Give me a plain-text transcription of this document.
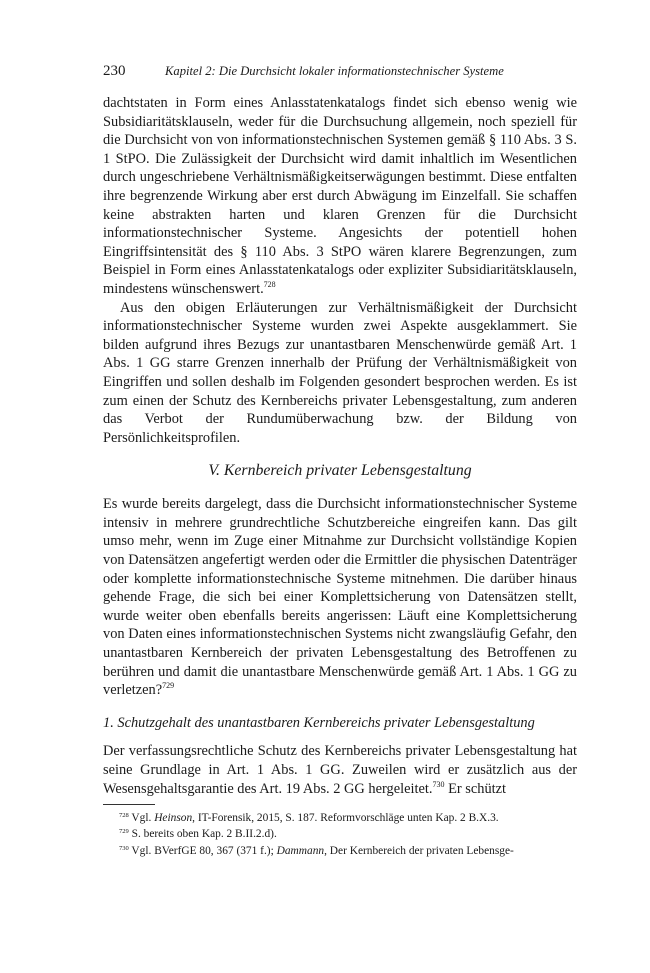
230	Kapitel 2: Die Durchsicht lokaler informationstechnischer Systeme

dachtstaten in Form eines Anlasstatenkatalogs findet sich ebenso wenig wie Subsidiaritätsklauseln, weder für die Durchsuchung allgemein, noch speziell für die Durchsicht von von informationstechnischen Systemen gemäß § 110 Abs. 3 S. 1 StPO. Die Zulässigkeit der Durchsicht wird damit inhaltlich im Wesentlichen durch ungeschriebene Verhältnismäßigkeitserwägungen bestimmt. Diese entfalten ihre begrenzende Wirkung aber erst durch Abwägung im Einzelfall. Sie schaffen keine abstrakten harten und klaren Grenzen für die Durchsicht informationstechnischer Systeme. Angesichts der potentiell hohen Eingriffsintensität des § 110 Abs. 3 StPO wären klarere Begrenzungen, zum Beispiel in Form eines Anlasstatenkatalogs oder expliziter Subsidiaritätsklauseln, mindestens wünschenswert.$^{728}$

Aus den obigen Erläuterungen zur Verhältnismäßigkeit der Durchsicht informationstechnischer Systeme wurden zwei Aspekte ausgeklammert. Sie bilden aufgrund ihres Bezugs zur unantastbaren Menschenwürde gemäß Art. 1 Abs. 1 GG starre Grenzen innerhalb der Prüfung der Verhältnismäßigkeit von Eingriffen und sollen deshalb im Folgenden gesondert besprochen werden. Es ist zum einen der Schutz des Kernbereichs privater Lebensgestaltung, zum anderen das Verbot der Rundumüberwachung bzw. der Bildung von Persönlichkeitsprofilen.

V. Kernbereich privater Lebensgestaltung

Es wurde bereits dargelegt, dass die Durchsicht informationstechnischer Systeme intensiv in mehrere grundrechtliche Schutzbereiche eingreifen kann. Das gilt umso mehr, wenn im Zuge einer Mitnahme zur Durchsicht vollständige Kopien von Datensätzen angefertigt werden oder die Ermittler die physischen Datenträger oder komplette informationstechnische Systeme mitnehmen. Die darüber hinaus gehende Frage, die sich bei einer Komplettsicherung von Datensätzen stellt, wurde weiter oben ebenfalls bereits angerissen: Läuft eine Komplettsicherung von Daten eines informationstechnischen Systems nicht zwangsläufig Gefahr, den unantastbaren Kernbereich der privaten Lebensgestaltung des Betroffenen zu berühren und damit die unantastbare Menschenwürde gemäß Art. 1 Abs. 1 GG zu verletzen?$^{729}$

1. Schutzgehalt des unantastbaren Kernbereichs privater Lebensgestaltung

Der verfassungsrechtliche Schutz des Kernbereichs privater Lebensgestaltung hat seine Grundlage in Art. 1 Abs. 1 GG. Zuweilen wird er zusätzlich aus der Wesensgehaltsgarantie des Art. 19 Abs. 2 GG hergeleitet.$^{730}$ Er schützt

$^{728}$ Vgl. Heinson, IT-Forensik, 2015, S. 187. Reformvorschläge unten Kap. 2 B.X.3.
$^{729}$ S. bereits oben Kap. 2 B.II.2.d).
$^{730}$ Vgl. BVerfGE 80, 367 (371 f.); Dammann, Der Kernbereich der privaten Lebensge-
